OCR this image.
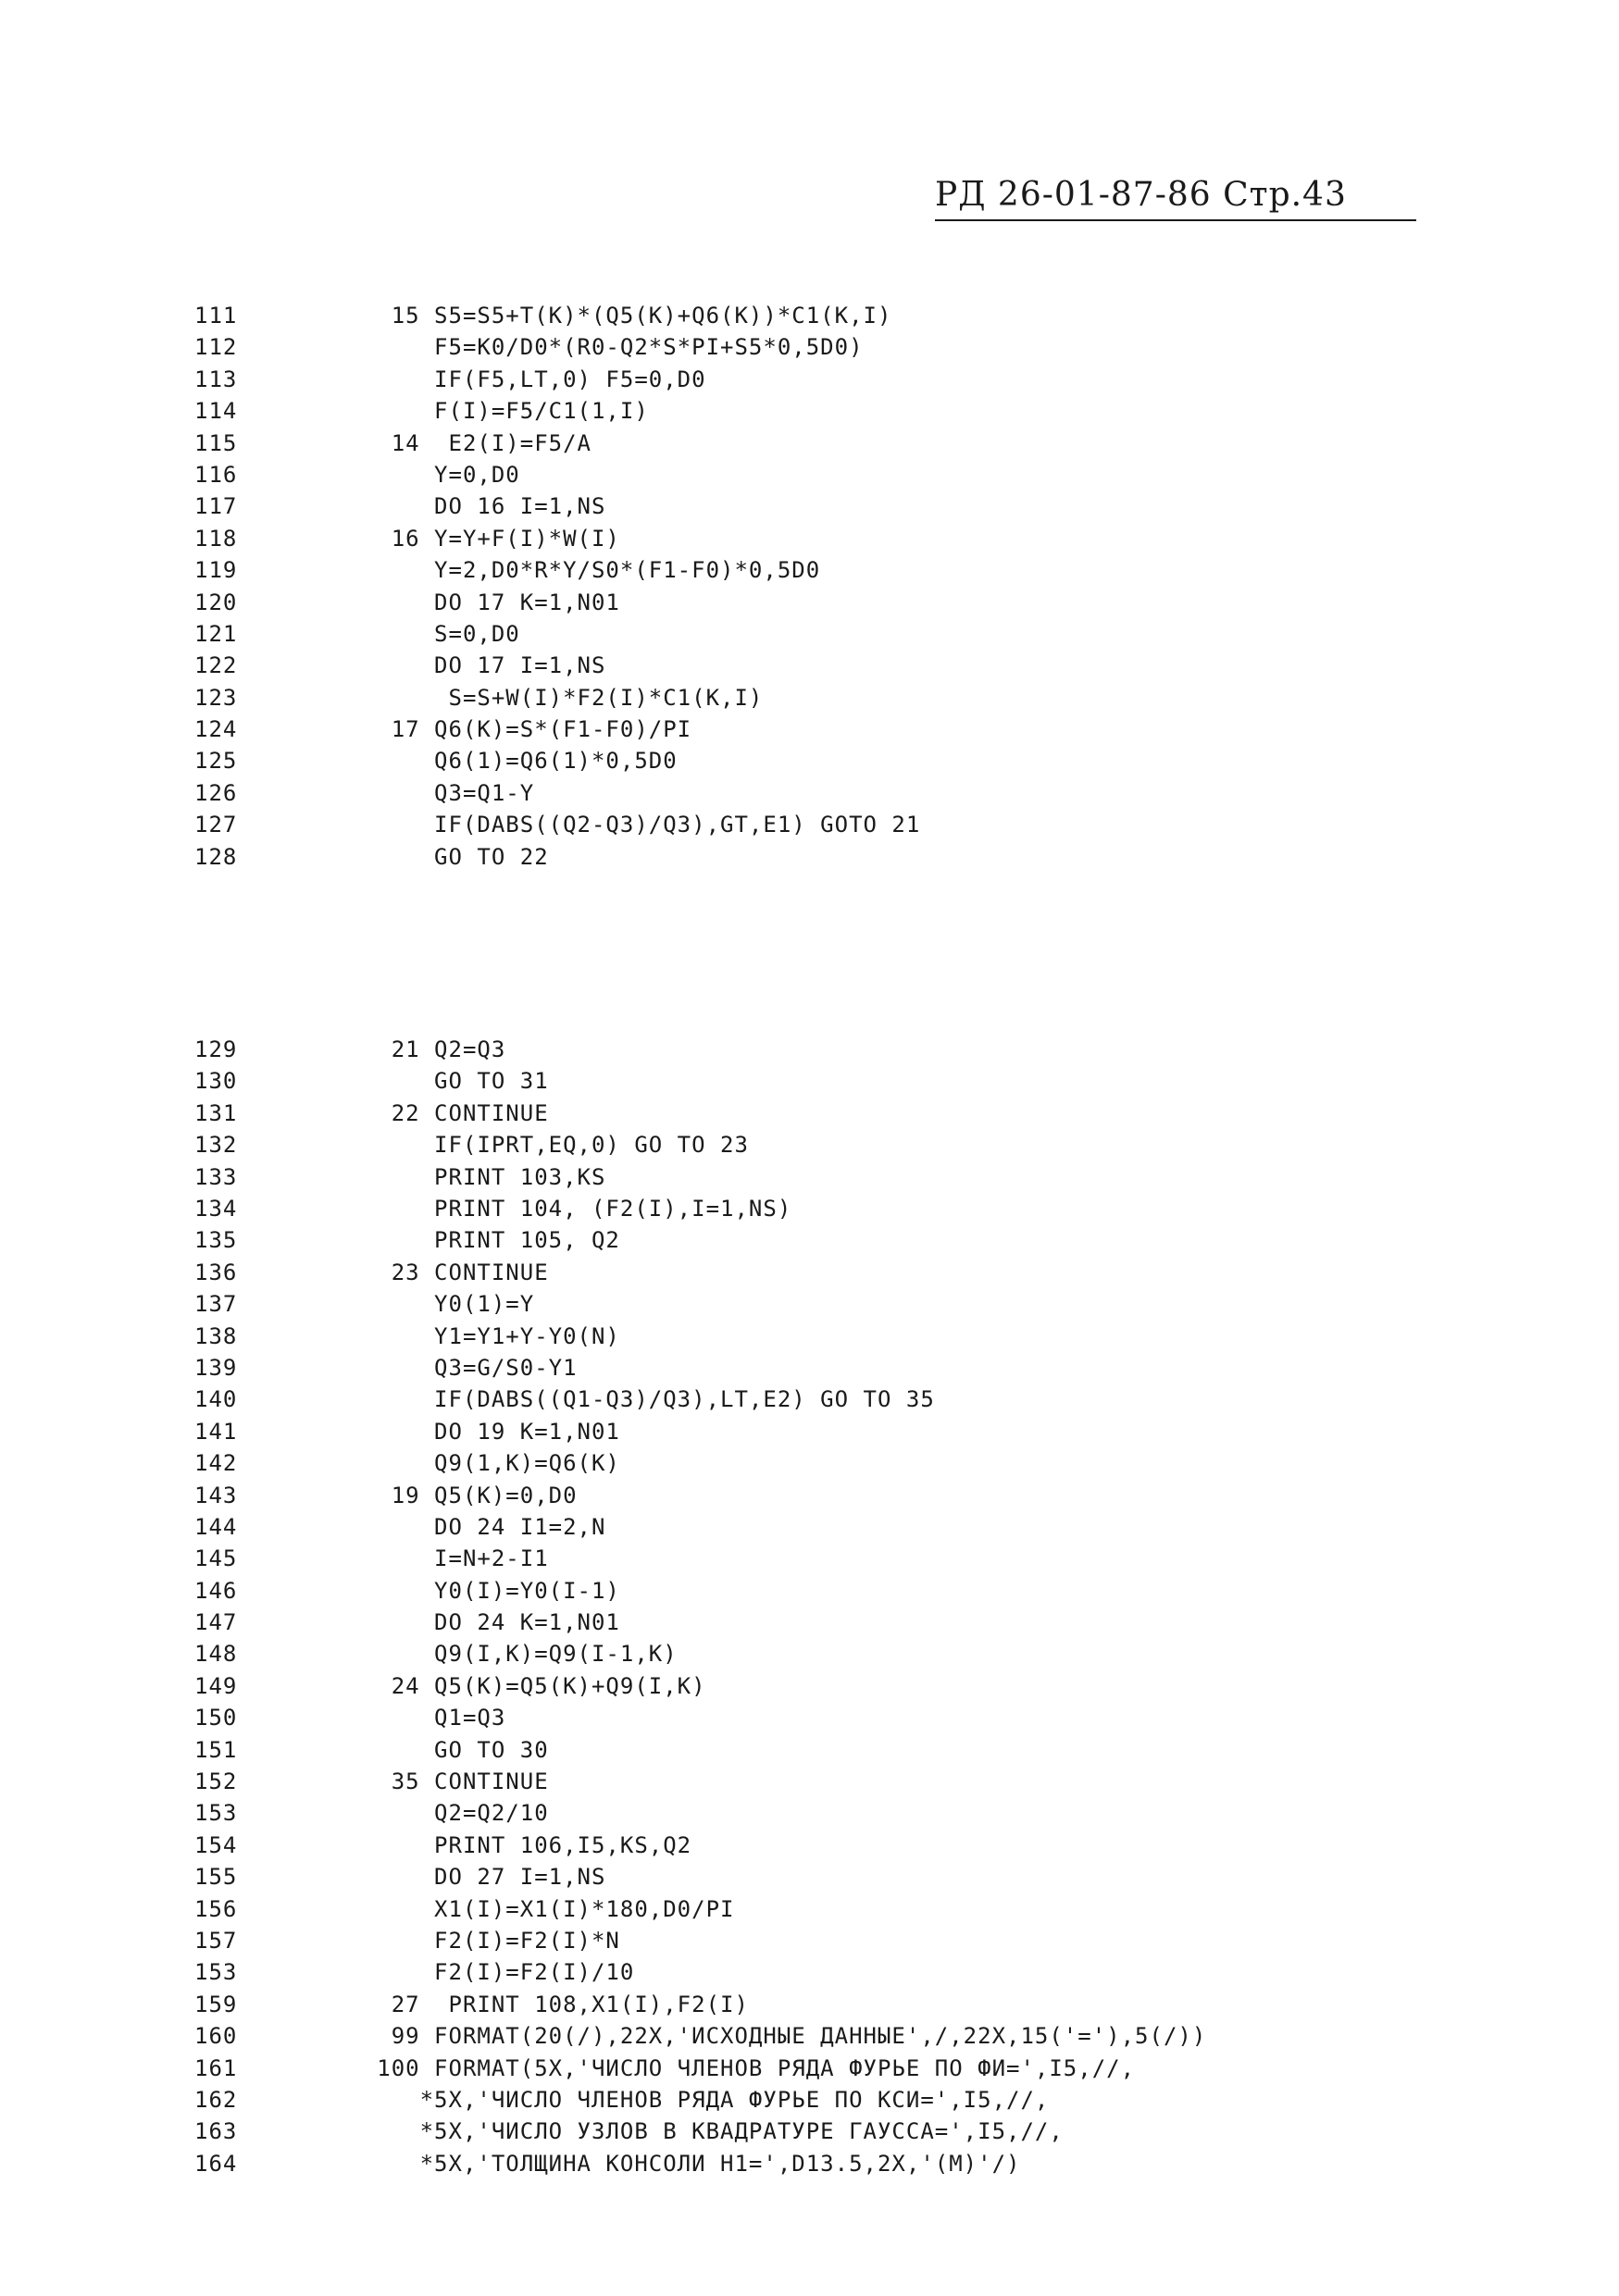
РД 26-01-87-86 Стр.43

111	15 S5=S5+T(K)*(Q5(K)+Q6(K))*C1(K,I)
112	F5=K0/D0*(R0-Q2*S*PI+S5*0,5D0)
113	IF(F5,LT,0) F5=0,D0
114	F(I)=F5/C1(1,I)
115	14  E2(I)=F5/A
116	Y=0,D0
117	DO 16 I=1,NS
118	16 Y=Y+F(I)*W(I)
119	Y=2,D0*R*Y/S0*(F1-F0)*0,5D0
120	DO 17 K=1,N01
121	S=0,D0
122	DO 17 I=1,NS
123	S=S+W(I)*F2(I)*C1(K,I)
124	17 Q6(K)=S*(F1-F0)/PI
125	Q6(1)=Q6(1)*0,5D0
126	Q3=Q1-Y
127	IF(DABS((Q2-Q3)/Q3),GT,E1) GOTO 21
128	GO TO 22

129	21 Q2=Q3
130	GO TO 31
131	22 CONTINUE
132	IF(IPRT,EQ,0) GO TO 23
133	PRINT 103,KS
134	PRINT 104, (F2(I),I=1,NS)
135	PRINT 105, Q2
136	23 CONTINUE
137	Y0(1)=Y
138	Y1=Y1+Y-Y0(N)
139	Q3=G/S0-Y1
140	IF(DABS((Q1-Q3)/Q3),LT,E2) GO TO 35
141	DO 19 K=1,N01
142	Q9(1,K)=Q6(K)
143	19 Q5(K)=0,D0
144	DO 24 I1=2,N
145	I=N+2-I1
146	Y0(I)=Y0(I-1)
147	DO 24 K=1,N01
148	Q9(I,K)=Q9(I-1,K)
149	24 Q5(K)=Q5(K)+Q9(I,K)
150	Q1=Q3
151	GO TO 30
152	35 CONTINUE
153	Q2=Q2/10
154	PRINT 106,I5,KS,Q2
155	DO 27 I=1,NS
156	X1(I)=X1(I)*180,D0/PI
157	F2(I)=F2(I)*N
153	F2(I)=F2(I)/10
159	27  PRINT 108,X1(I),F2(I)
160	99 FORMAT(20(/),22X,'ИСХОДНЫЕ ДАННЫЕ',/,22X,15('='),5(/))
161	100 FORMAT(5X,'ЧИСЛО ЧЛЕНОВ РЯДА ФУРЬЕ ПО ФИ=',I5,//,
162	*5X,'ЧИСЛО ЧЛЕНОВ РЯДА ФУРЬЕ ПО КСИ=',I5,//,
163	*5X,'ЧИСЛО УЗЛОВ В КВАДРАТУРЕ ГАУССА=',I5,//,
164	*5X,'ТОЛЩИНА КОНСОЛИ H1=',D13.5,2X,'(М)'/)
